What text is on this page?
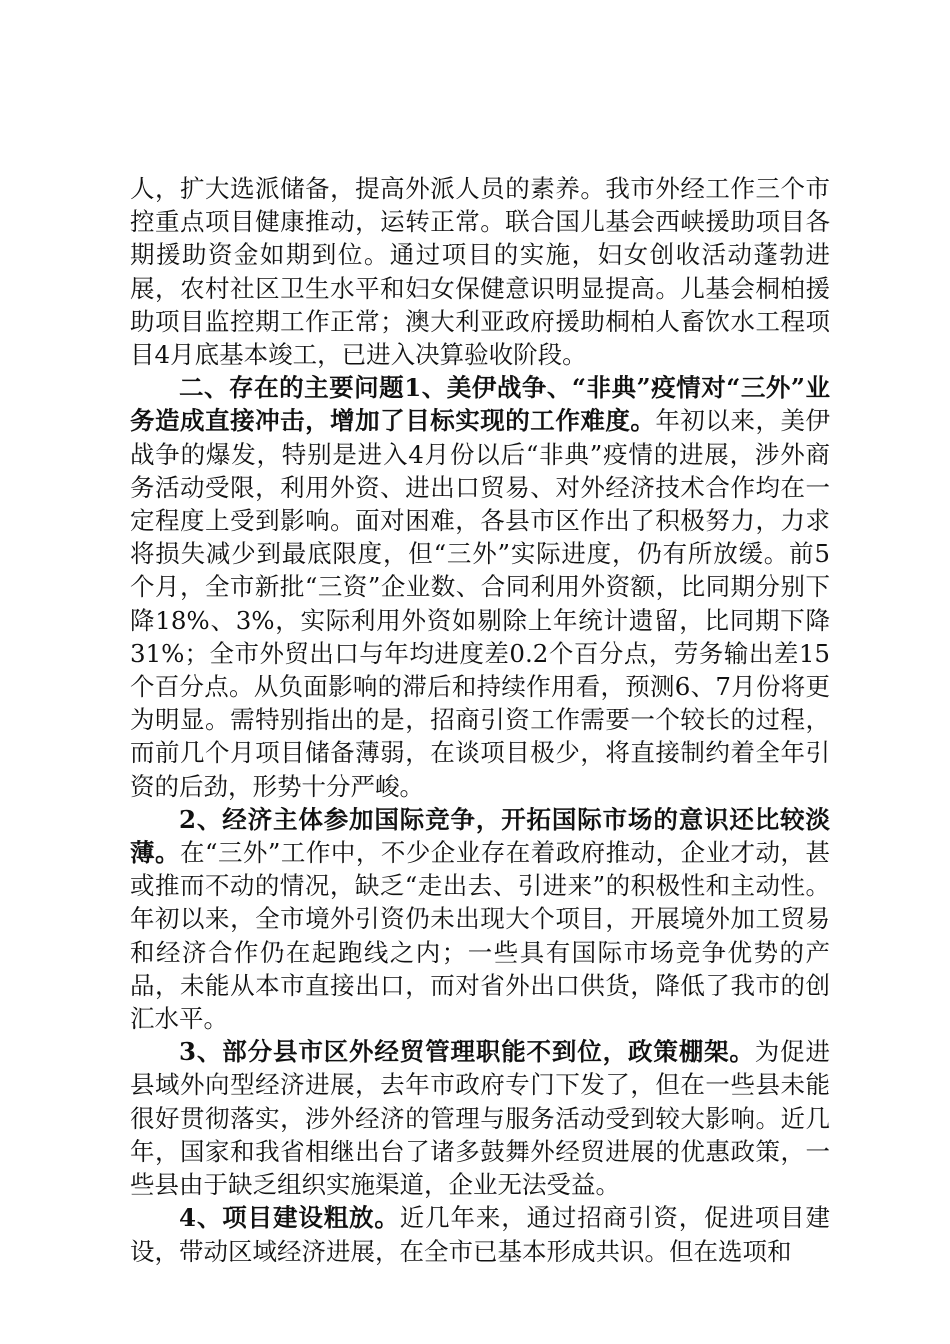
人，扩大选派储备，提高外派人员的素养。我市外经工作三个市控重点项目健康推动，运转正常。联合国儿基会西峡援助项目各期援助资金如期到位。通过项目的实施，妇女创收活动蓬勃进展，农村社区卫生水平和妇女保健意识明显提高。儿基会桐柏援助项目监控期工作正常；澳大利亚政府援助桐柏人畜饮水工程项目4月底基本竣工，已进入决算验收阶段。

二、存在的主要问题1、美伊战争、“非典”疫情对“三外”业务造成直接冲击，增加了目标实现的工作难度。年初以来，美伊战争的爆发，特别是进入4月份以后“非典”疫情的进展，涉外商务活动受限，利用外资、进出口贸易、对外经济技术合作均在一定程度上受到影响。面对困难，各县市区作出了积极努力，力求将损失减少到最底限度，但“三外”实际进度，仍有所放缓。前5个月，全市新批“三资”企业数、合同利用外资额，比同期分别下降18%、3%，实际利用外资如剔除上年统计遗留，比同期下降31%；全市外贸出口与年均进度差0.2个百分点，劳务输出差15个百分点。从负面影响的滞后和持续作用看，预测6、7月份将更为明显。需特别指出的是，招商引资工作需要一个较长的过程，而前几个月项目储备薄弱，在谈项目极少，将直接制约着全年引资的后劲，形势十分严峻。

2、经济主体参加国际竞争，开拓国际市场的意识还比较淡薄。在“三外”工作中，不少企业存在着政府推动，企业才动，甚或推而不动的情况，缺乏“走出去、引进来”的积极性和主动性。年初以来，全市境外引资仍未出现大个项目，开展境外加工贸易和经济合作仍在起跑线之内；一些具有国际市场竞争优势的产品，未能从本市直接出口，而对省外出口供货，降低了我市的创汇水平。

3、部分县市区外经贸管理职能不到位，政策棚架。为促进县域外向型经济进展，去年市政府专门下发了，但在一些县未能很好贯彻落实，涉外经济的管理与服务活动受到较大影响。近几年，国家和我省相继出台了诸多鼓舞外经贸进展的优惠政策，一些县由于缺乏组织实施渠道，企业无法受益。

4、项目建设粗放。近几年来，通过招商引资，促进项目建设，带动区域经济进展，在全市已基本形成共识。但在选项和
